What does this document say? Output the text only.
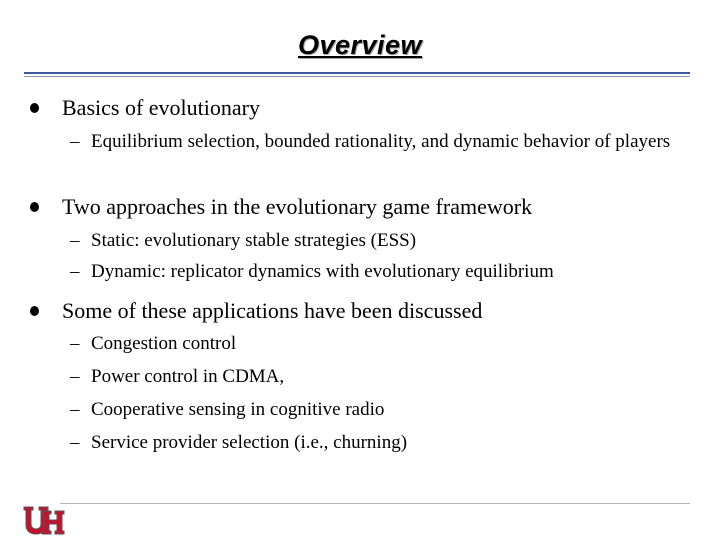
Overview
Basics of evolutionary
– Equilibrium selection, bounded rationality, and dynamic behavior of players
Two approaches in the evolutionary game framework
– Static: evolutionary stable strategies (ESS)
– Dynamic: replicator dynamics with evolutionary equilibrium
Some of these applications have been discussed
– Congestion control
– Power control in CDMA,
– Cooperative sensing in cognitive radio
– Service provider selection (i.e., churning)
